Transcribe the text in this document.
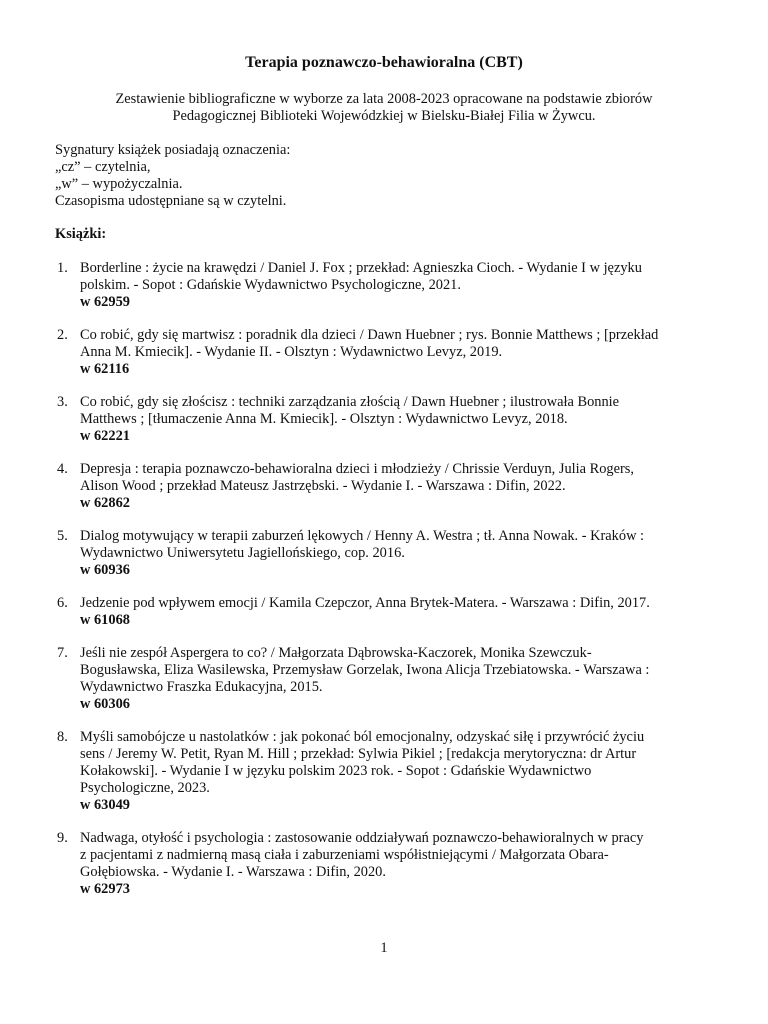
Terapia poznawczo-behawioralna (CBT)
Zestawienie bibliograficzne w wyborze za lata 2008-2023 opracowane na podstawie zbiorów
Pedagogicznej Biblioteki Wojewódzkiej w Bielsku-Białej Filia w Żywcu.
Sygnatury książek posiadają oznaczenia:
„cz” – czytelnia,
„w” – wypożyczalnia.
Czasopisma udostępniane są w czytelni.
Książki:
1. Borderline : życie na krawędzi / Daniel J. Fox ; przekład: Agnieszka Cioch. - Wydanie I w języku
polskim. - Sopot : Gdańskie Wydawnictwo Psychologiczne, 2021.
w 62959
2. Co robić, gdy się martwisz : poradnik dla dzieci / Dawn Huebner ; rys. Bonnie Matthews ; [przekład
Anna M. Kmiecik]. - Wydanie II. - Olsztyn : Wydawnictwo Levyz, 2019.
w 62116
3. Co robić, gdy się złościsz : techniki zarządzania złością / Dawn Huebner ; ilustrowała Bonnie
Matthews ; [tłumaczenie Anna M. Kmiecik]. - Olsztyn : Wydawnictwo Levyz, 2018.
w 62221
4. Depresja : terapia poznawczo-behawioralna dzieci i młodzieży / Chrissie Verduyn, Julia Rogers,
Alison Wood ; przekład Mateusz Jastrzębski. - Wydanie I. - Warszawa : Difin, 2022.
w 62862
5. Dialog motywujący w terapii zaburzeń lękowych / Henny A. Westra ; tł. Anna Nowak. - Kraków :
Wydawnictwo Uniwersytetu Jagiellońskiego, cop. 2016.
w 60936
6. Jedzenie pod wpływem emocji / Kamila Czepczor, Anna Brytek-Matera. - Warszawa : Difin, 2017.
w 61068
7. Jeśli nie zespół Aspergera to co? / Małgorzata Dąbrowska-Kaczorek, Monika Szewczuk-
Bogusławska, Eliza Wasilewska, Przemysław Gorzelak, Iwona Alicja Trzebiatowska. - Warszawa :
Wydawnictwo Fraszka Edukacyjna, 2015.
w 60306
8. Myśli samobójcze u nastolatków : jak pokonać ból emocjonalny, odzyskać siłę i przywrócić życiu
sens / Jeremy W. Petit, Ryan M. Hill ; przekład: Sylwia Pikiel ; [redakcja merytoryczna: dr Artur
Kołakowski]. - Wydanie I w języku polskim 2023 rok. - Sopot : Gdańskie Wydawnictwo
Psychologiczne, 2023.
w 63049
9. Nadwaga, otyłość i psychologia : zastosowanie oddziaływań poznawczo-behawioralnych w pracy
z pacjentami z nadmierną masą ciała i zaburzeniami współistniejącymi / Małgorzata Obara-
Gołębiowska. - Wydanie I. - Warszawa : Difin, 2020.
w 62973
1
